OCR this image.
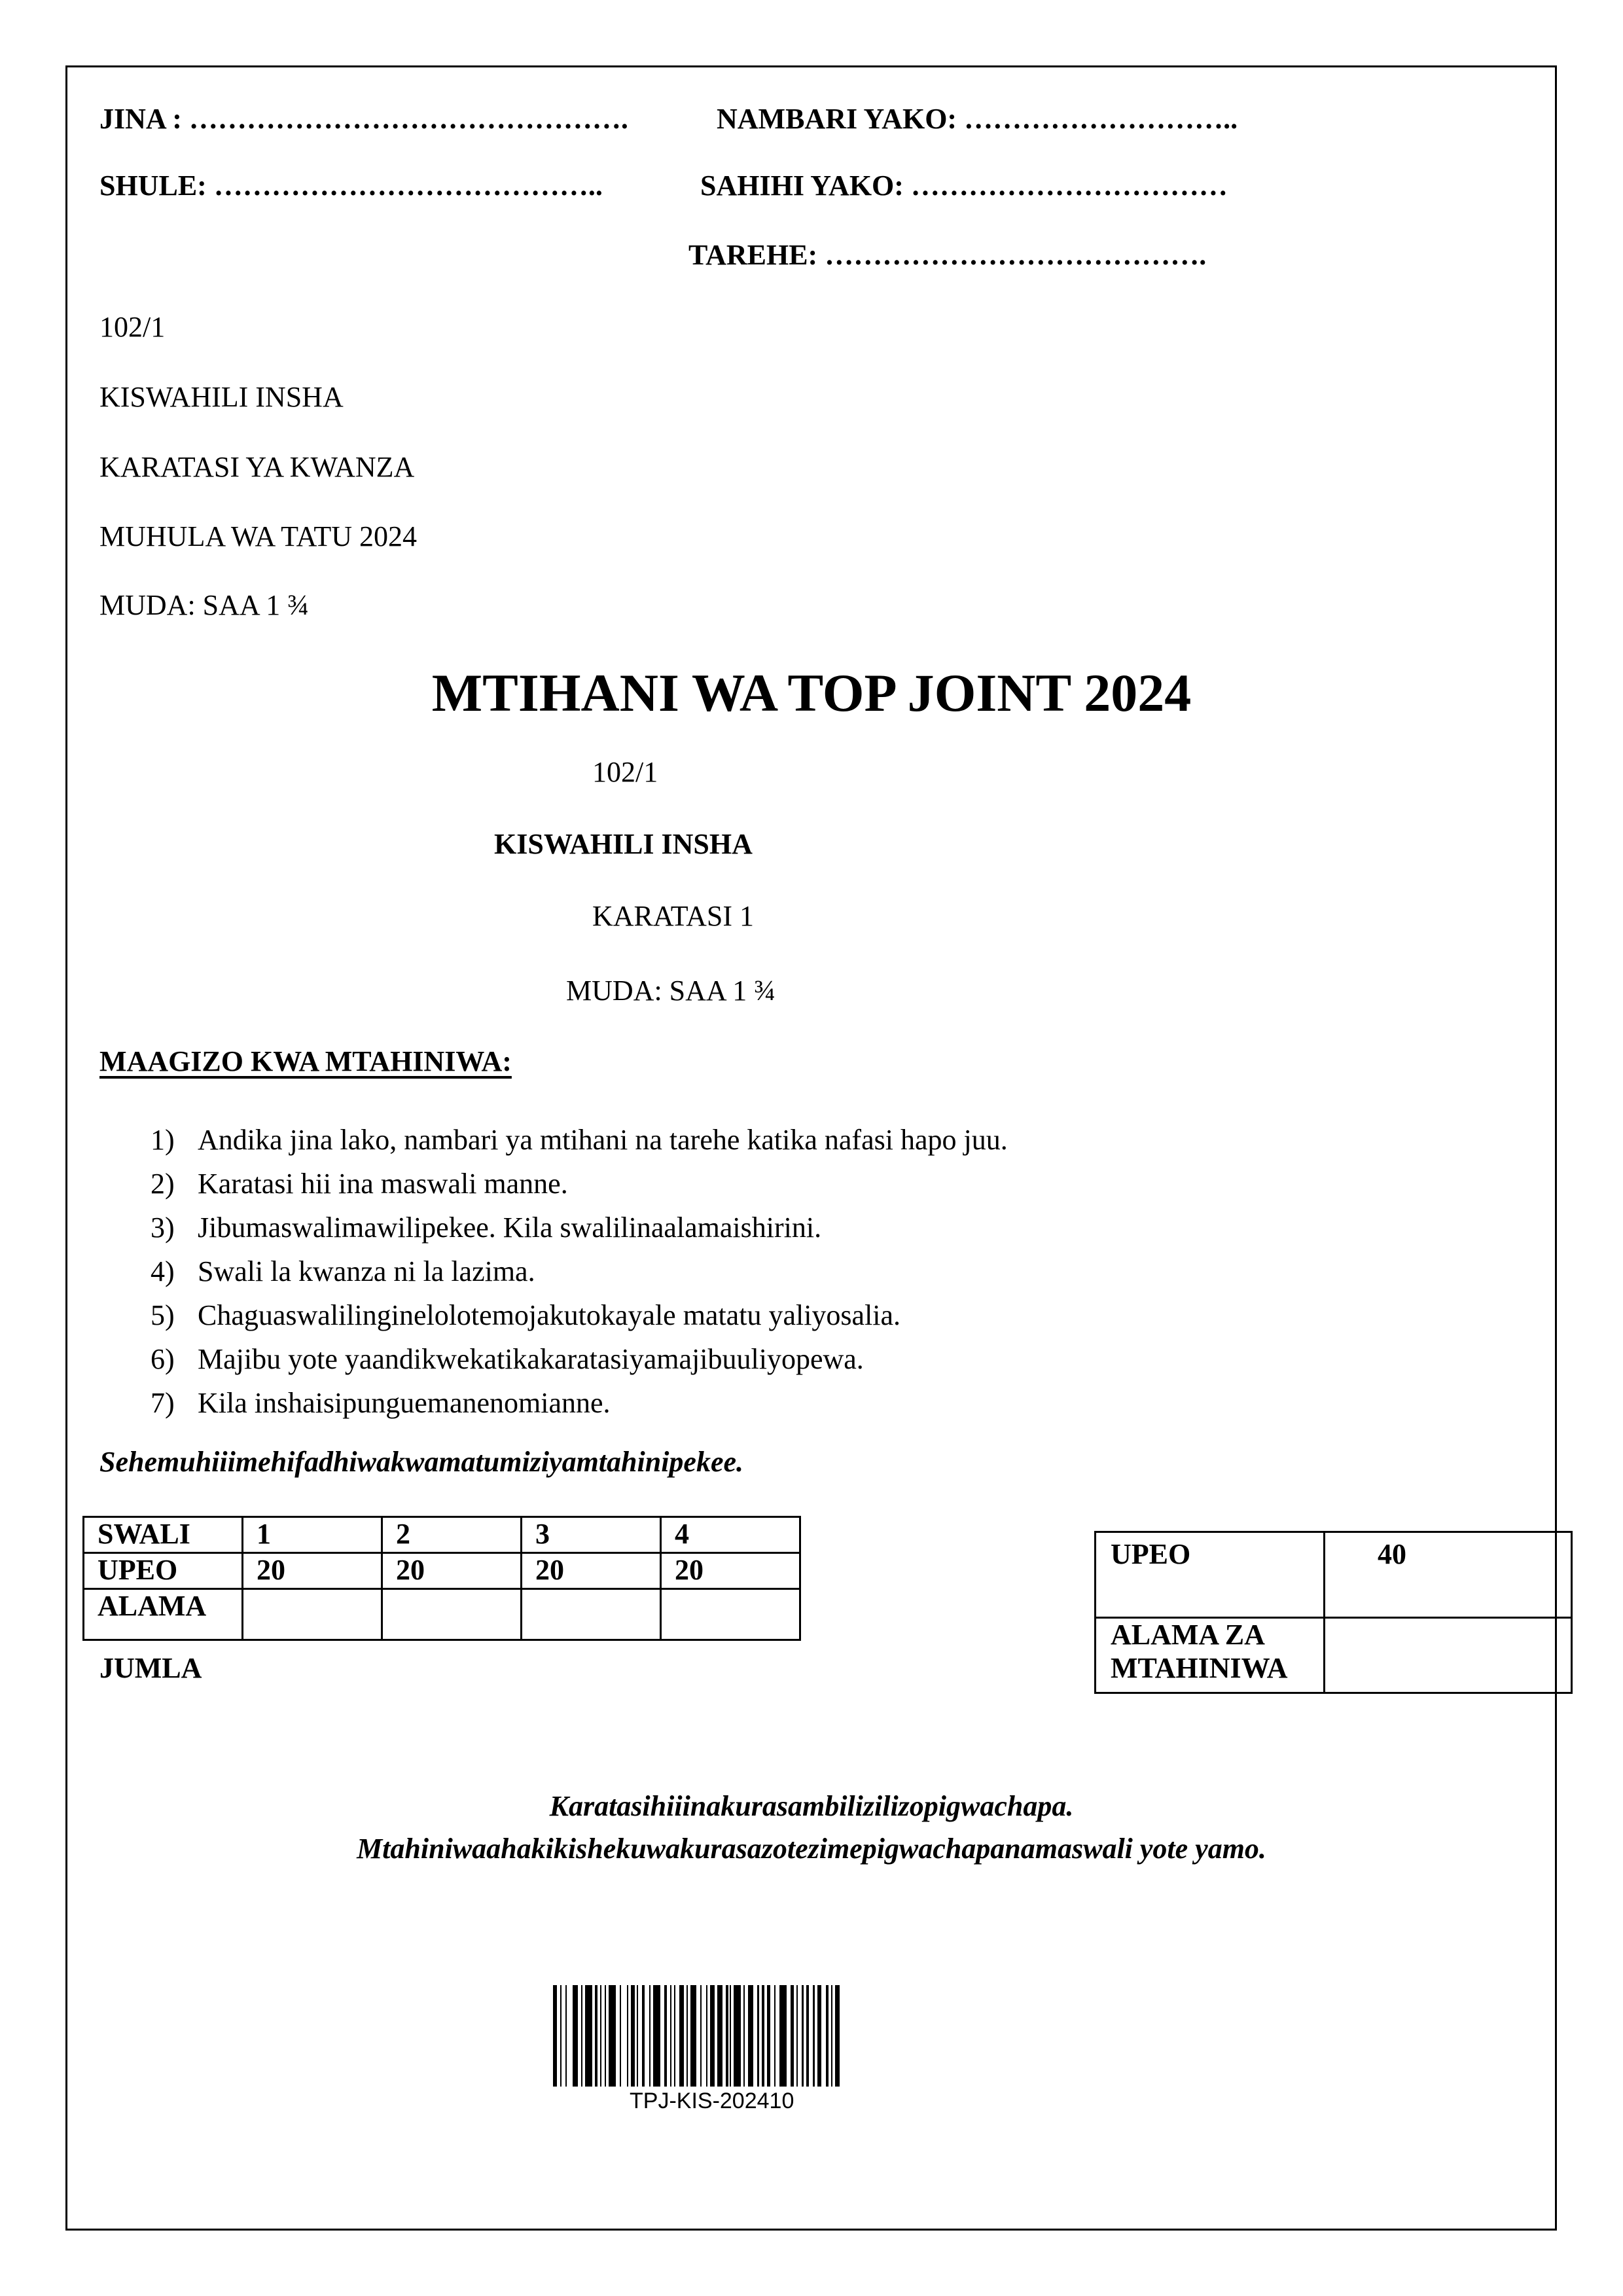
JINA : ……………………………………….	NAMBARI YAKO: ………………………..
SHULE: …………………………………..	SAHIHI YAKO: ……………………………
TAREHE: ………………………………….
102/1
KISWAHILI INSHA
KARATASI YA KWANZA
MUHULA WA TATU 2024
MUDA: SAA 1 ¾
MTIHANI WA TOP JOINT 2024
102/1
KISWAHILI INSHA
KARATASI 1
MUDA: SAA 1 ¾
MAAGIZO KWA MTAHINIWA:
1) Andika jina lako, nambari ya mtihani na tarehe katika nafasi hapo juu.
2) Karatasi hii ina maswali manne.
3) Jibumaswalimawilipekee. Kila swalilinaalamaishirini.
4) Swali la kwanza ni la lazima.
5) Chaguaswalilinginelolotemojakutokayale matatu yaliyosalia.
6) Majibu yote yaandikwekatikakaratasiyamajibuuliyopewa.
7) Kila inshaisipunguemanenomianne.
Sehemuhiiimehifadhiwakwamatumiziyamtahinipekee.
SWALI	1	2	3	4
UPEO	20	20	20	20
ALAMA				
JUMLA
UPEO	40

ALAMA ZA
MTAHINIWA	

Karatasihiiinakurasambilizilizopigwachapa.
Mtahiniwaahakikishekuwakurasazotezimepigwachapanamaswali yote yamo.
TPJ-KIS-202410
